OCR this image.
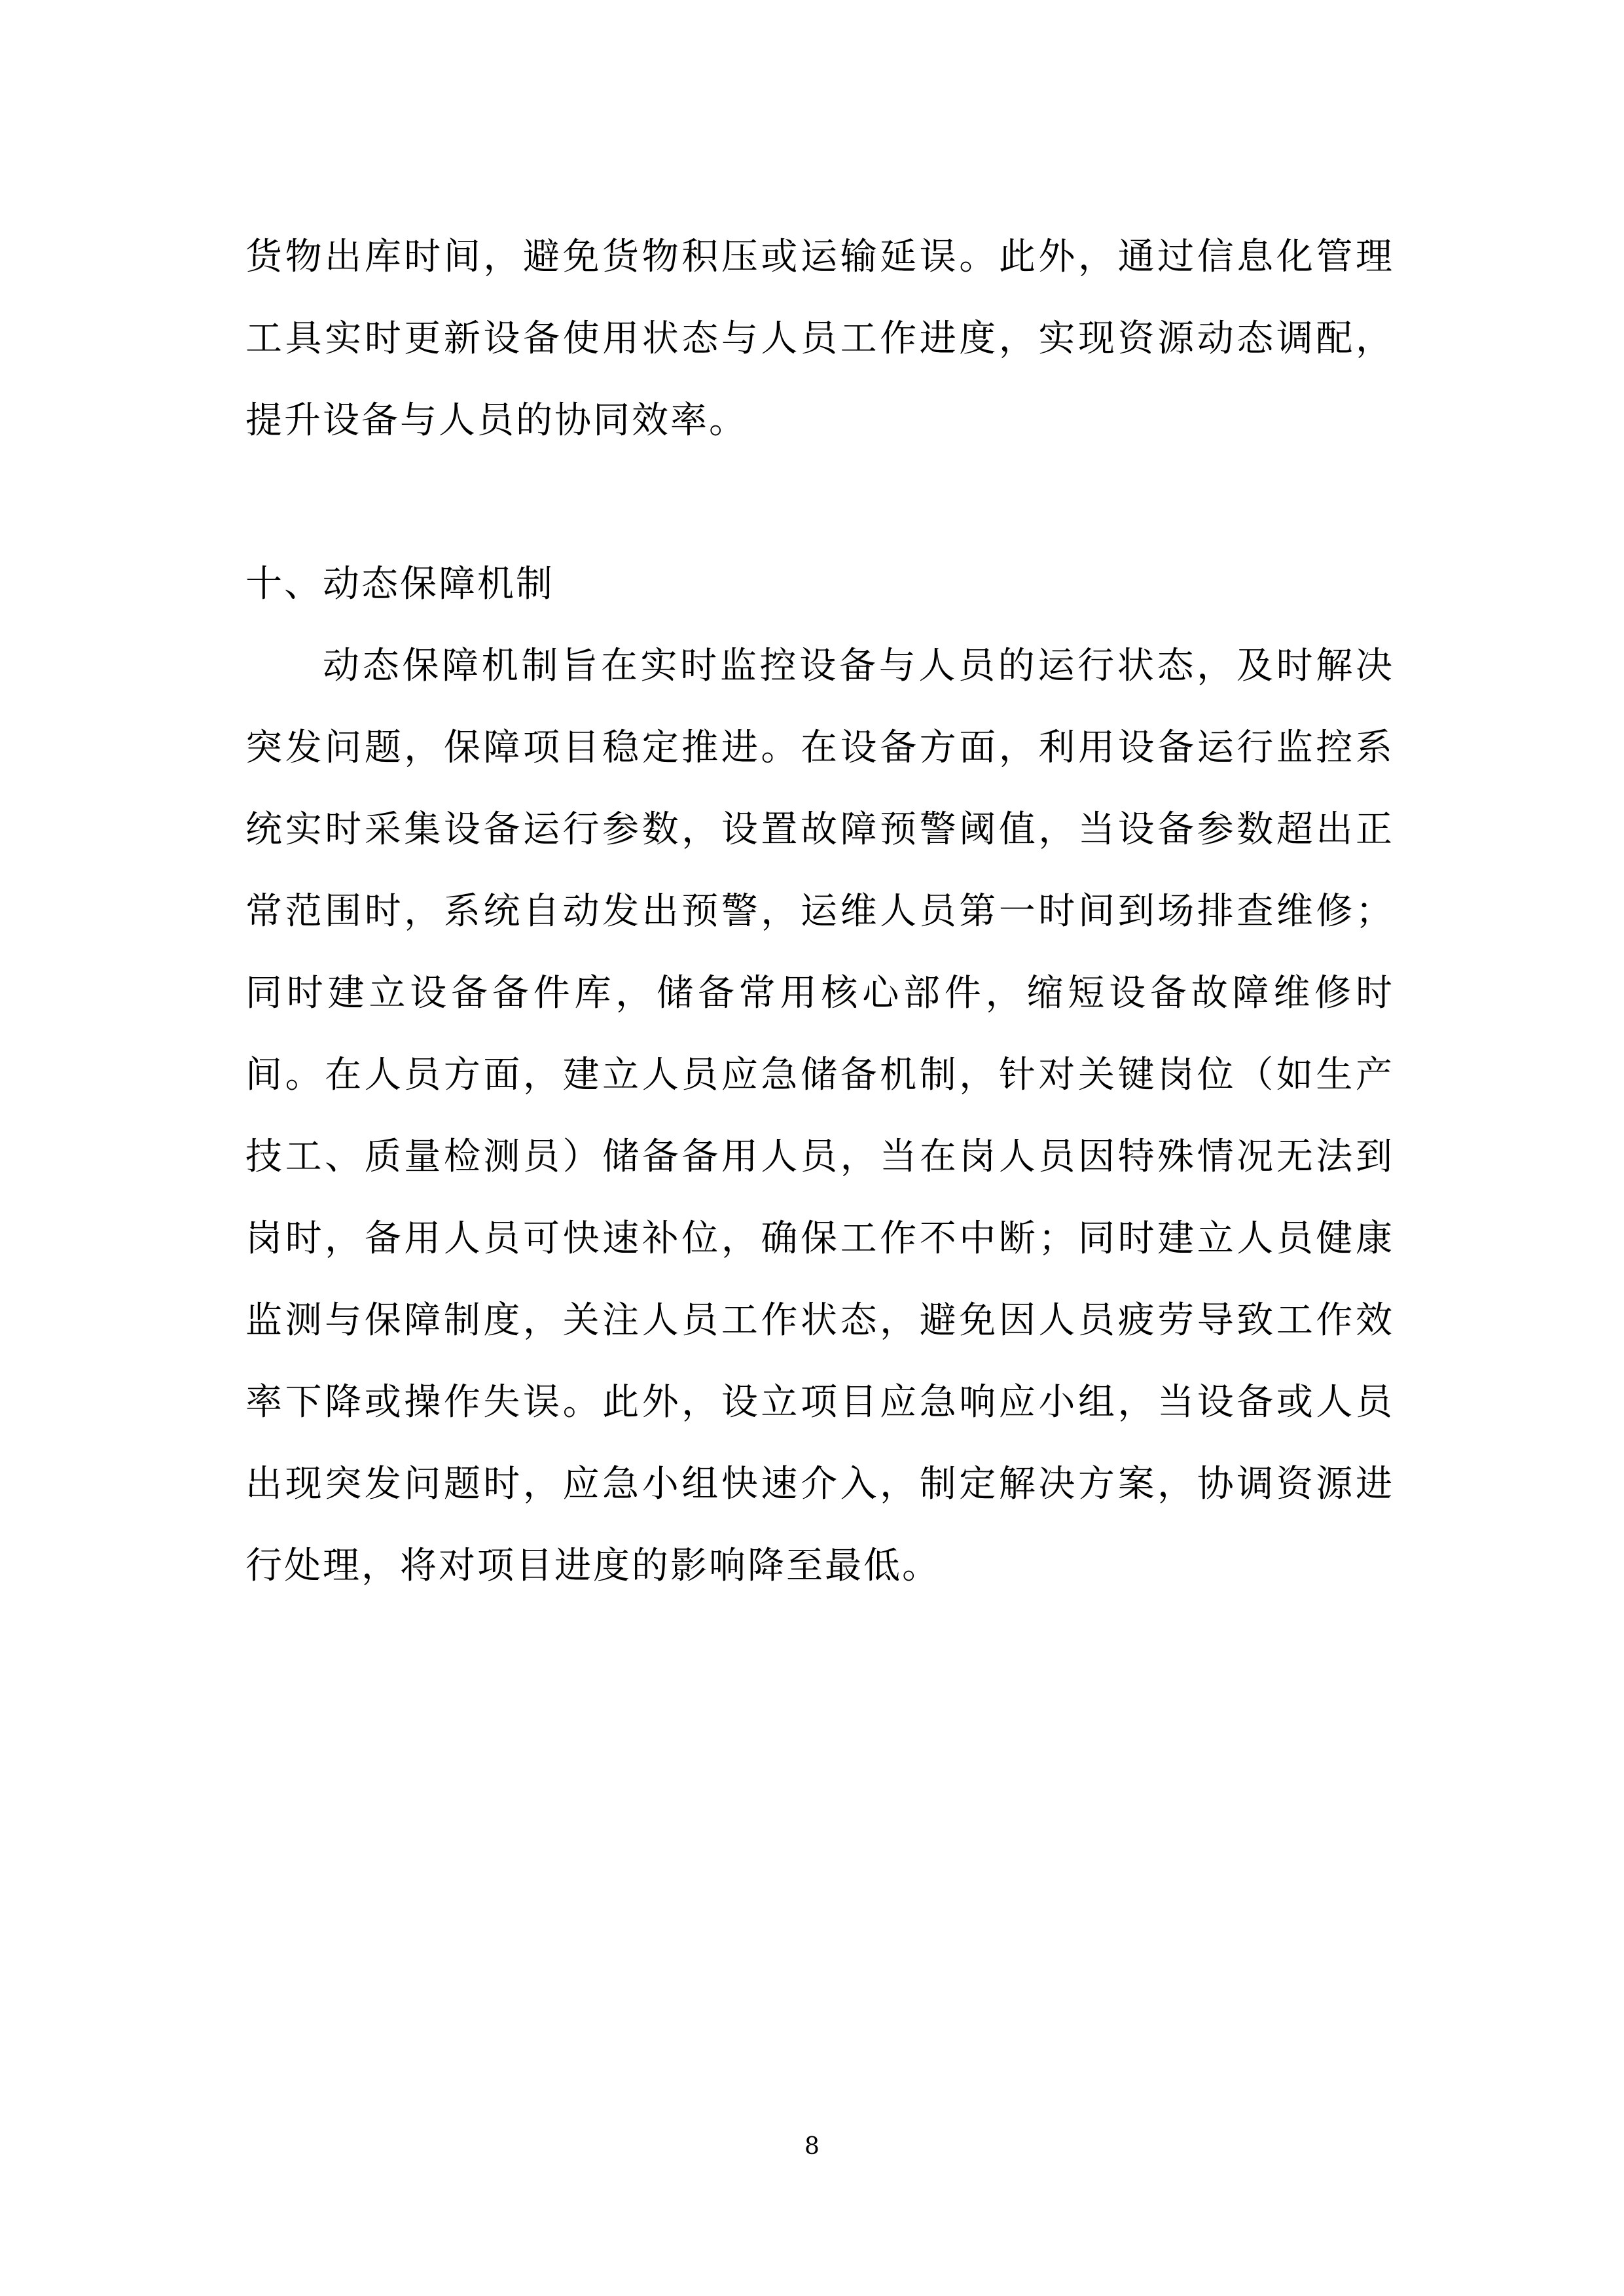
货物出库时间，避免货物积压或运输延误。此外，通过信息化管理工具实时更新设备使用状态与人员工作进度，实现资源动态调配，提升设备与人员的协同效率。

十、动态保障机制

动态保障机制旨在实时监控设备与人员的运行状态，及时解决突发问题，保障项目稳定推进。在设备方面，利用设备运行监控系统实时采集设备运行参数，设置故障预警阈值，当设备参数超出正常范围时，系统自动发出预警，运维人员第一时间到场排查维修；同时建立设备备件库，储备常用核心部件，缩短设备故障维修时间。在人员方面，建立人员应急储备机制，针对关键岗位（如生产技工、质量检测员）储备备用人员，当在岗人员因特殊情况无法到岗时，备用人员可快速补位，确保工作不中断；同时建立人员健康监测与保障制度，关注人员工作状态，避免因人员疲劳导致工作效率下降或操作失误。此外，设立项目应急响应小组，当设备或人员出现突发问题时，应急小组快速介入，制定解决方案，协调资源进行处理，将对项目进度的影响降至最低。

8
